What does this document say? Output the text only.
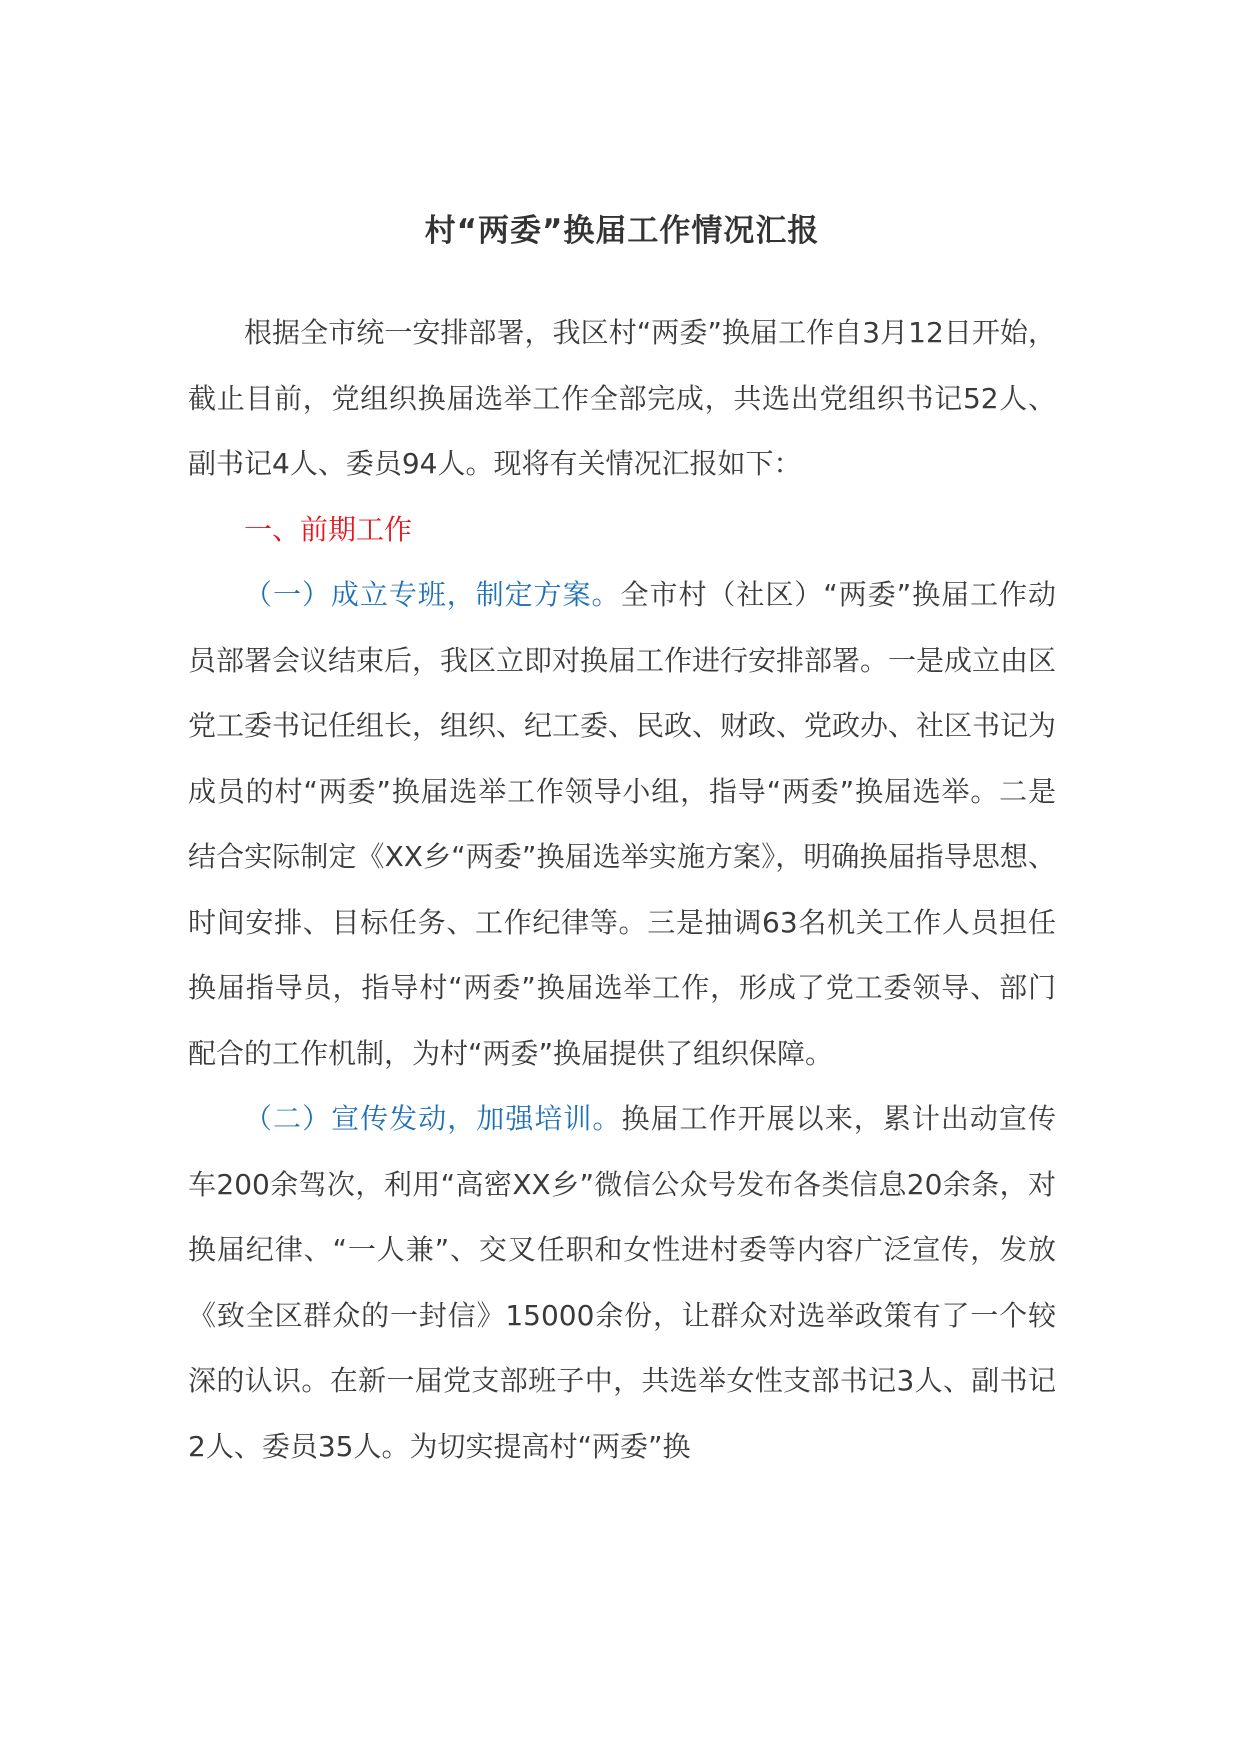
村“两委”换届工作情况汇报

根据全市统一安排部署，我区村“两委”换届工作自3月12日开始，截止目前，党组织换届选举工作全部完成，共选出党组织书记52人、副书记4人、委员94人。现将有关情况汇报如下：

一、前期工作

（一）成立专班，制定方案。全市村（社区）“两委”换届工作动员部署会议结束后，我区立即对换届工作进行安排部署。一是成立由区党工委书记任组长，组织、纪工委、民政、财政、党政办、社区书记为成员的村“两委”换届选举工作领导小组，指导“两委”换届选举。二是结合实际制定《XX乡“两委”换届选举实施方案》，明确换届指导思想、时间安排、目标任务、工作纪律等。三是抽调63名机关工作人员担任换届指导员，指导村“两委”换届选举工作，形成了党工委领导、部门配合的工作机制，为村“两委”换届提供了组织保障。

（二）宣传发动，加强培训。换届工作开展以来，累计出动宣传车200余驾次，利用“高密XX乡”微信公众号发布各类信息20余条，对换届纪律、“一人兼”、交叉任职和女性进村委等内容广泛宣传，发放《致全区群众的一封信》15000余份，让群众对选举政策有了一个较深的认识。在新一届党支部班子中，共选举女性支部书记3人、副书记2人、委员35人。为切实提高村“两委”换
